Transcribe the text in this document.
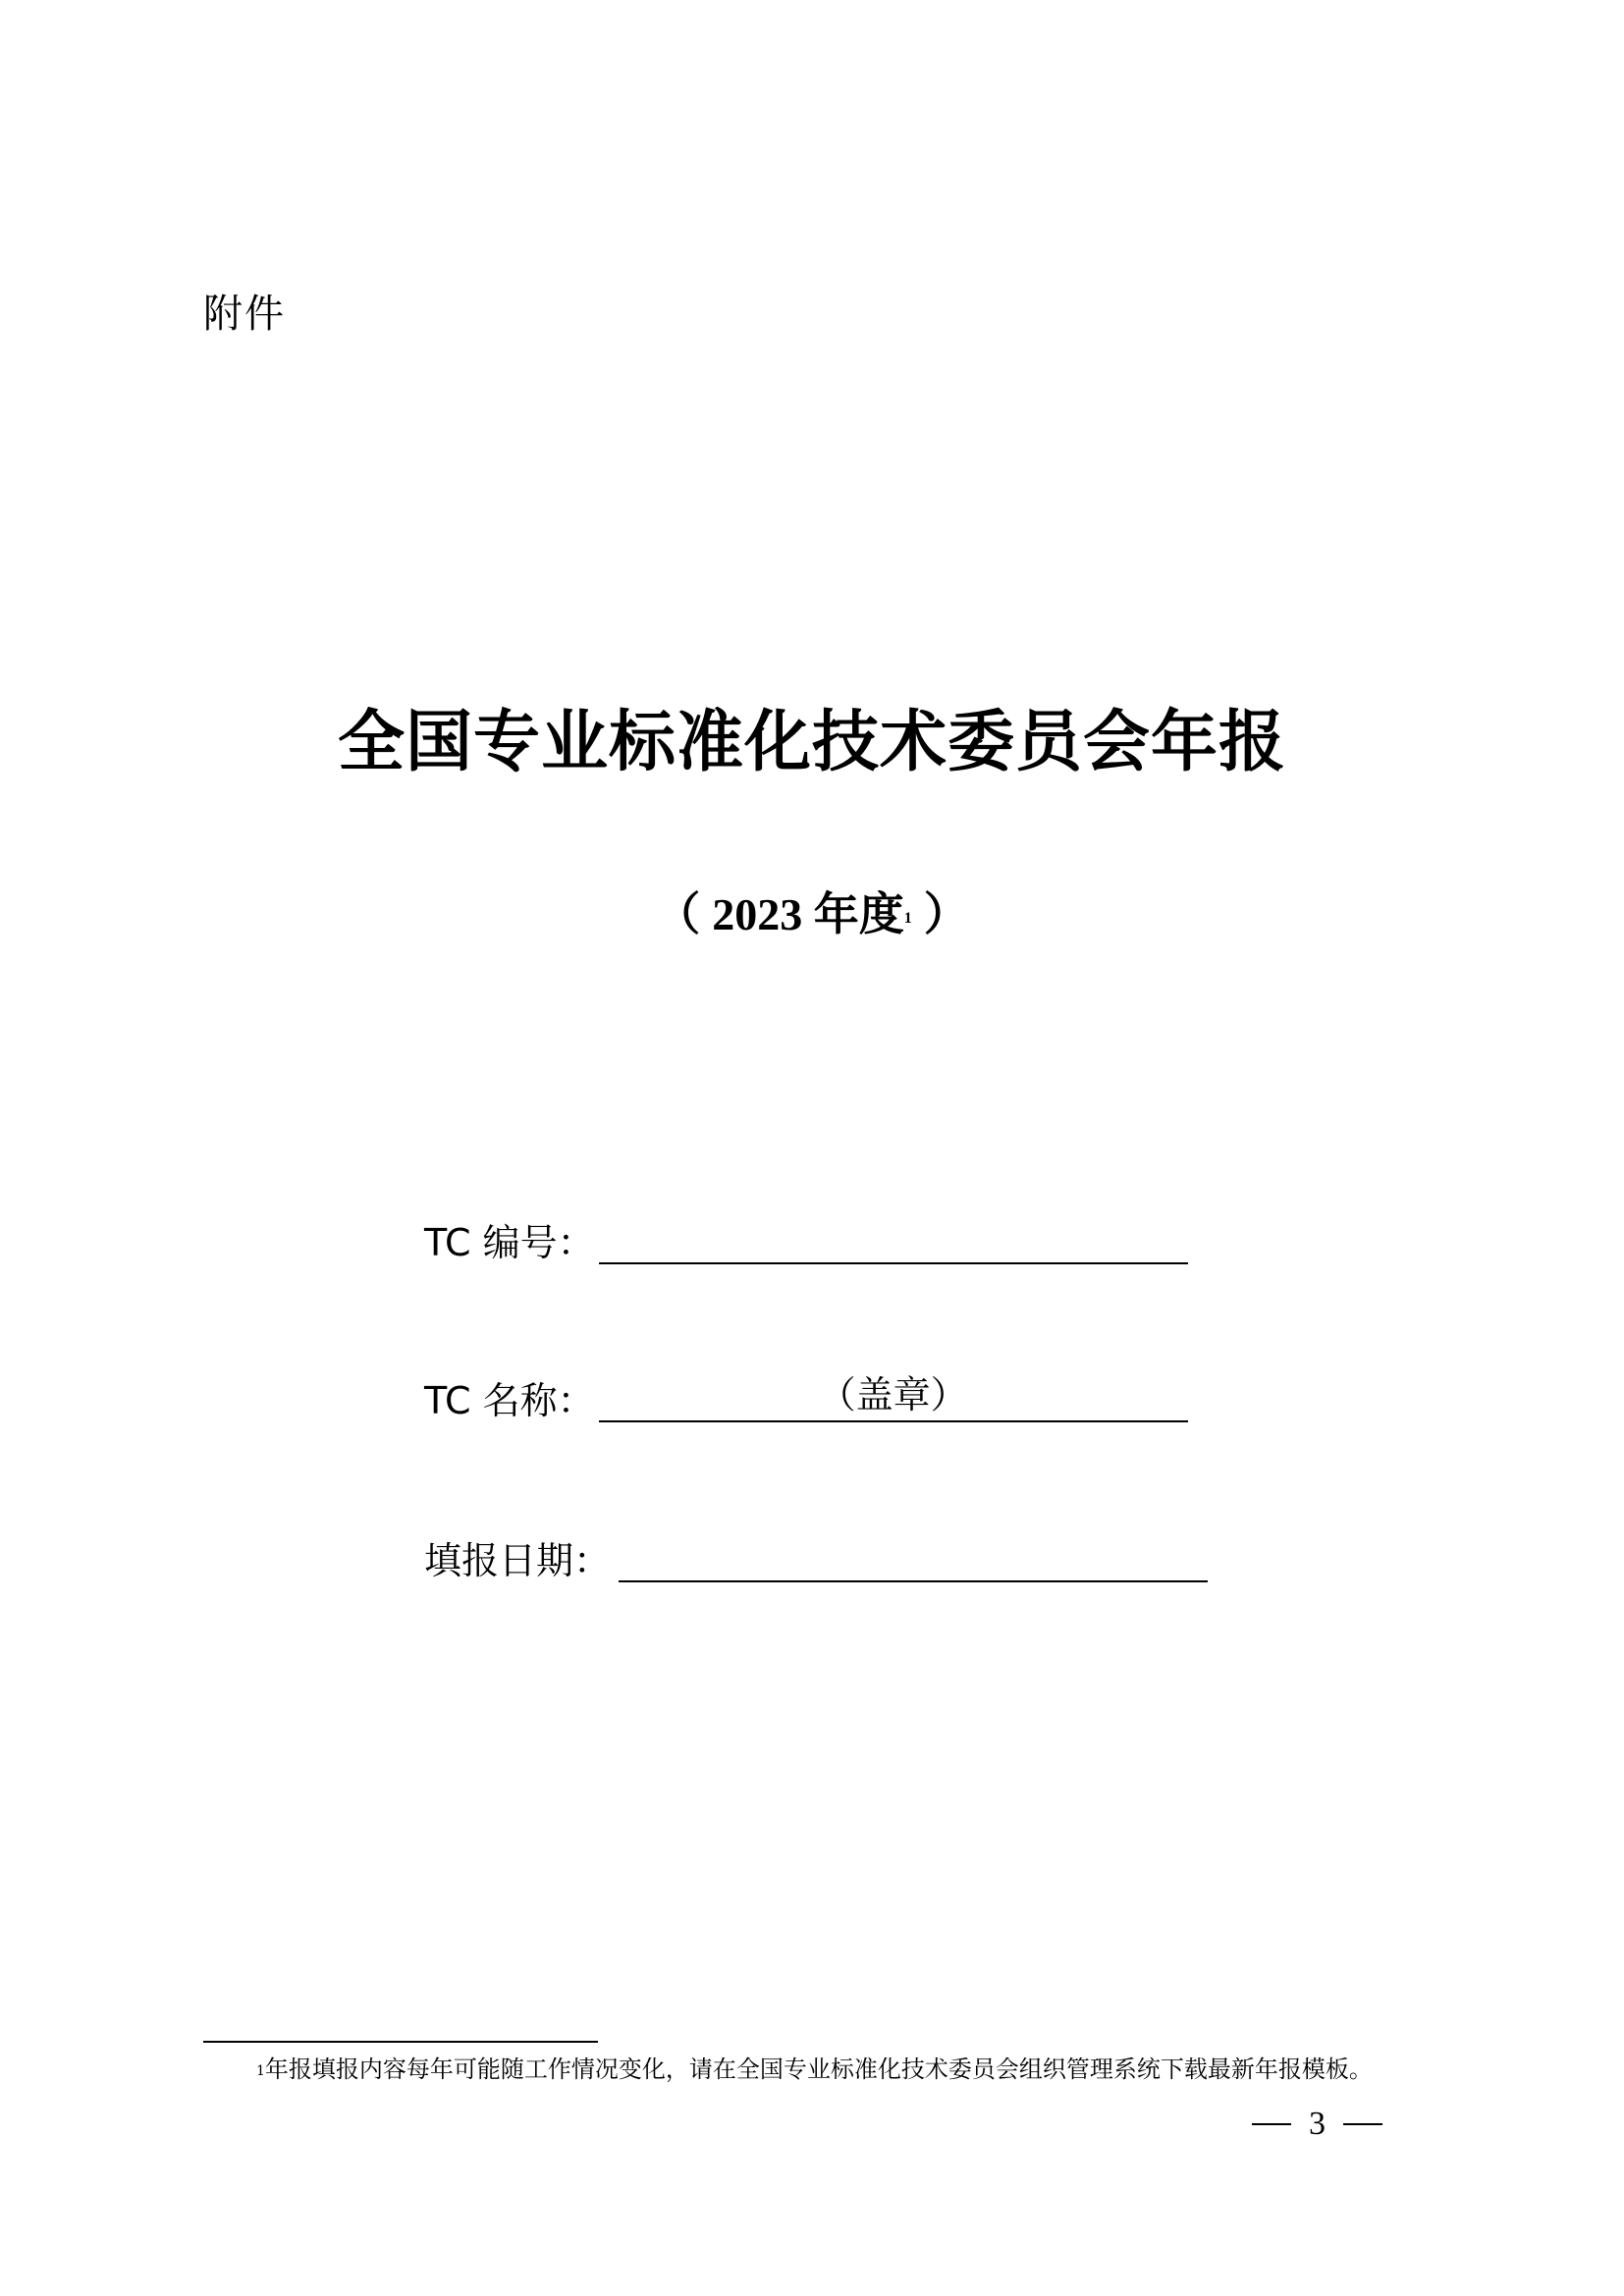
附件
全国专业标准化技术委员会年报
（ 2023 年度$^1$ ）
TC 编号：
TC 名称：	（盖章）
填报日期：
$^1$年报填报内容每年可能随工作情况变化，请在全国专业标准化技术委员会组织管理系统下载最新年报模板。
3
